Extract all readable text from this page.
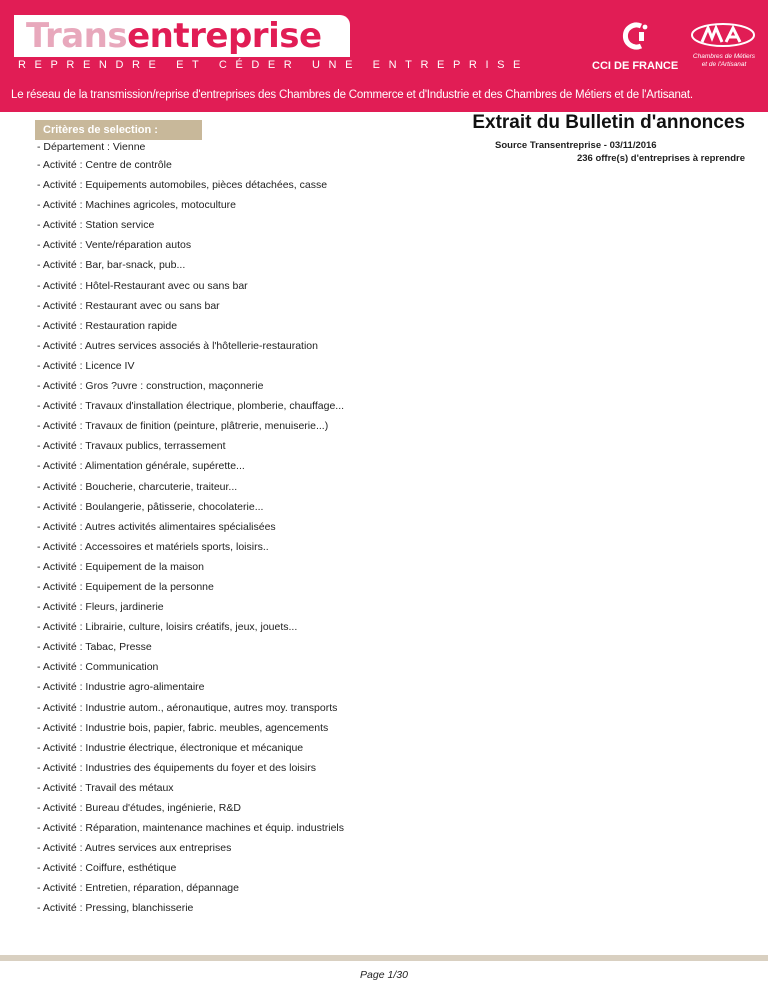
Transentreprise
REPRENDRE ET CÉDER UNE ENTREPRISE
Le réseau de la transmission/reprise d'entreprises des Chambres de Commerce et d'Industrie et des Chambres de Métiers et de l'Artisanat.
CCI DE FRANCE
Chambres de Métiers
et de l'Artisanat
Critères de selection :	Extrait du Bulletin d'annonces
Source Transentreprise - 03/11/2016
236 offre(s) d'entreprises à reprendre
- Département : Vienne
- Activité : Centre de contrôle
- Activité : Equipements automobiles, pièces détachées, casse
- Activité : Machines agricoles, motoculture
- Activité : Station service
- Activité : Vente/réparation autos
- Activité : Bar, bar-snack, pub...
- Activité : Hôtel-Restaurant avec ou sans bar
- Activité : Restaurant avec ou sans bar
- Activité : Restauration rapide
- Activité : Autres services associés à l'hôtellerie-restauration
- Activité : Licence IV
- Activité : Gros ?uvre : construction, maçonnerie
- Activité : Travaux d'installation électrique, plomberie, chauffage...
- Activité : Travaux de finition (peinture, plâtrerie, menuiserie...)
- Activité : Travaux publics, terrassement
- Activité : Alimentation générale, supérette...
- Activité : Boucherie, charcuterie, traiteur...
- Activité : Boulangerie, pâtisserie, chocolaterie...
- Activité : Autres activités alimentaires spécialisées
- Activité : Accessoires et matériels sports, loisirs..
- Activité : Equipement de la maison
- Activité : Equipement de la personne
- Activité : Fleurs, jardinerie
- Activité : Librairie, culture, loisirs créatifs, jeux, jouets...
- Activité : Tabac, Presse
- Activité : Communication
- Activité : Industrie agro-alimentaire
- Activité : Industrie autom., aéronautique, autres moy. transports
- Activité : Industrie bois, papier, fabric. meubles, agencements
- Activité : Industrie électrique, électronique et mécanique
- Activité : Industries des équipements du foyer et des loisirs
- Activité : Travail des métaux
- Activité : Bureau d'études, ingénierie, R&D
- Activité : Réparation, maintenance machines et équip. industriels
- Activité : Autres services aux entreprises
- Activité : Coiffure, esthétique
- Activité : Entretien, réparation, dépannage
- Activité : Pressing, blanchisserie
Page 1/30
